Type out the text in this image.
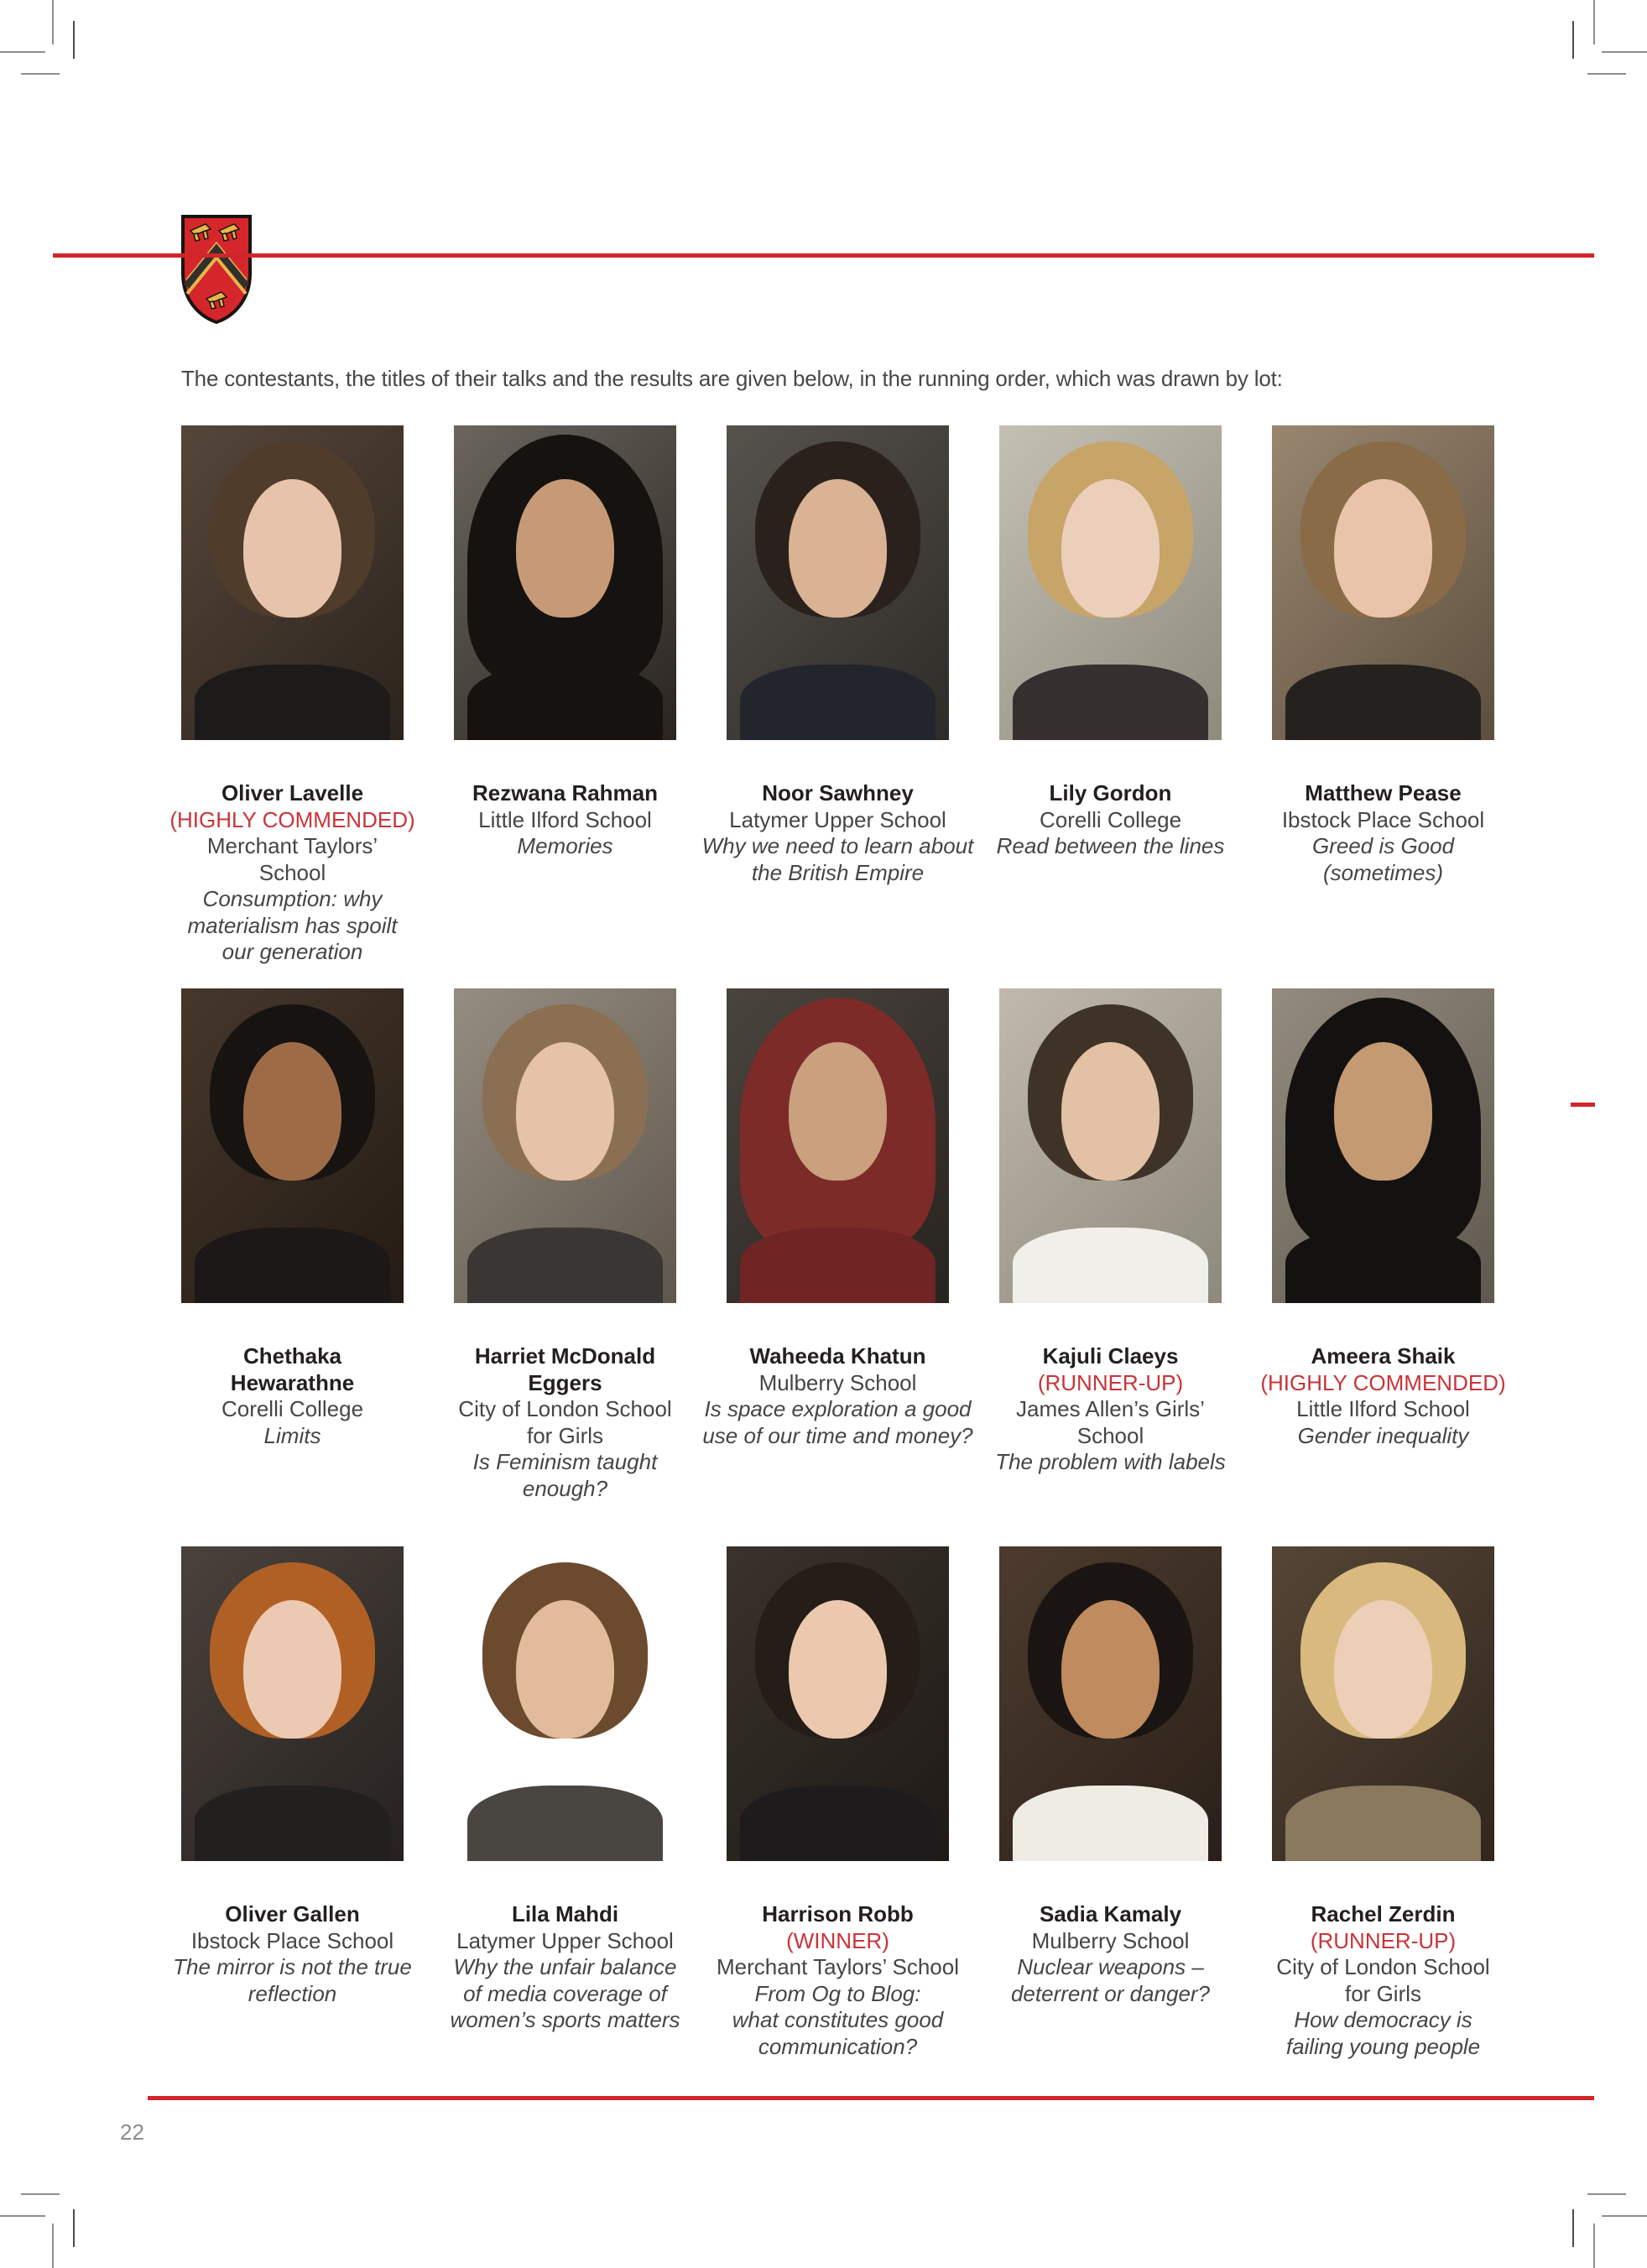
The contestants, the titles of their talks and the results are given below, in the running order, which was drawn by lot:
Oliver Lavelle
(HIGHLY COMMENDED)
Merchant Taylors’
School
Consumption: why
materialism has spoilt
our generation
Rezwana Rahman
Little Ilford School
Memories
Noor Sawhney
Latymer Upper School
Why we need to learn about
the British Empire
Lily Gordon
Corelli College
Read between the lines
Matthew Pease
Ibstock Place School
Greed is Good
(sometimes)
Chethaka
Hewarathne
Corelli College
Limits
Harriet McDonald
Eggers
City of London School
for Girls
Is Feminism taught
enough?
Waheeda Khatun
Mulberry School
Is space exploration a good
use of our time and money?
Kajuli Claeys
(RUNNER-UP)
James Allen’s Girls’
School
The problem with labels
Ameera Shaik
(HIGHLY COMMENDED)
Little Ilford School
Gender inequality
Oliver Gallen
Ibstock Place School
The mirror is not the true
reflection
Lila Mahdi
Latymer Upper School
Why the unfair balance
of media coverage of
women’s sports matters
Harrison Robb
(WINNER)
Merchant Taylors’ School
From Og to Blog:
what constitutes good
communication?
Sadia Kamaly
Mulberry School
Nuclear weapons –
deterrent or danger?
Rachel Zerdin
(RUNNER-UP)
City of London School
for Girls
How democracy is
failing young people
22
